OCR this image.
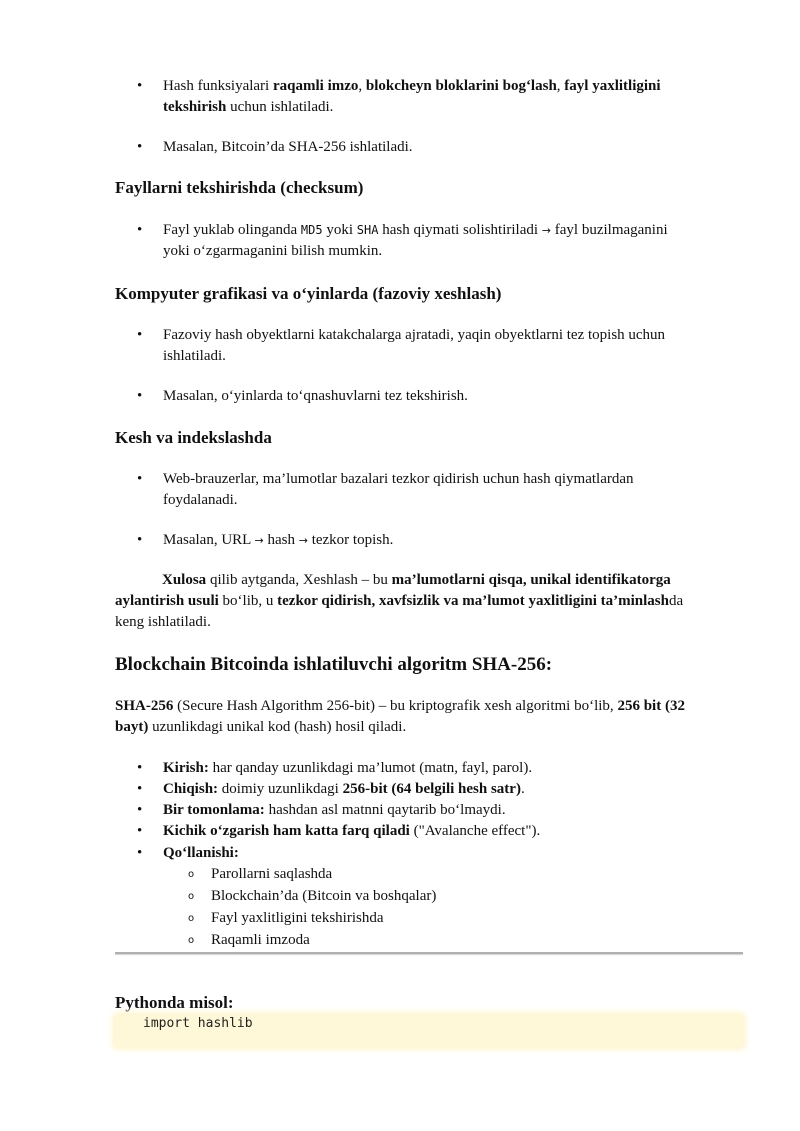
• Hash funksiyalari raqamli imzo, blokcheyn bloklarini bog‘lash, fayl yaxlitligini
tekshirish uchun ishlatiladi.
• Masalan, Bitcoin’da SHA-256 ishlatiladi.
Fayllarni tekshirishda (checksum)
• Fayl yuklab olinganda MD5 yoki SHA hash qiymati solishtiriladi → fayl buzilmaganini
yoki o‘zgarmaganini bilish mumkin.
Kompyuter grafikasi va o‘yinlarda (fazoviy xeshlash)
• Fazoviy hash obyektlarni katakchalarga ajratadi, yaqin obyektlarni tez topish uchun
ishlatiladi.
• Masalan, o‘yinlarda to‘qnashuvlarni tez tekshirish.
Kesh va indekslashda
• Web-brauzerlar, ma’lumotlar bazalari tezkor qidirish uchun hash qiymatlardan
foydalanadi.
• Masalan, URL → hash → tezkor topish.
Xulosa qilib aytganda, Xeshlash – bu ma’lumotlarni qisqa, unikal identifikatorga
aylantirish usuli bo‘lib, u tezkor qidirish, xavfsizlik va ma’lumot yaxlitligini ta’minlashda
keng ishlatiladi.
Blockchain Bitcoinda ishlatiluvchi algoritm SHA-256:
SHA-256 (Secure Hash Algorithm 256-bit) – bu kriptografik xesh algoritmi bo‘lib, 256 bit (32
bayt) uzunlikdagi unikal kod (hash) hosil qiladi.
• Kirish: har qanday uzunlikdagi ma’lumot (matn, fayl, parol).
• Chiqish: doimiy uzunlikdagi 256-bit (64 belgili hesh satr).
• Bir tomonlama: hashdan asl matnni qaytarib bo‘lmaydi.
• Kichik o‘zgarish ham katta farq qiladi ("Avalanche effect").
• Qo‘llanishi:
o Parollarni saqlashda
o Blockchain’da (Bitcoin va boshqalar)
o Fayl yaxlitligini tekshirishda
o Raqamli imzoda
Pythonda misol:
import hashlib
